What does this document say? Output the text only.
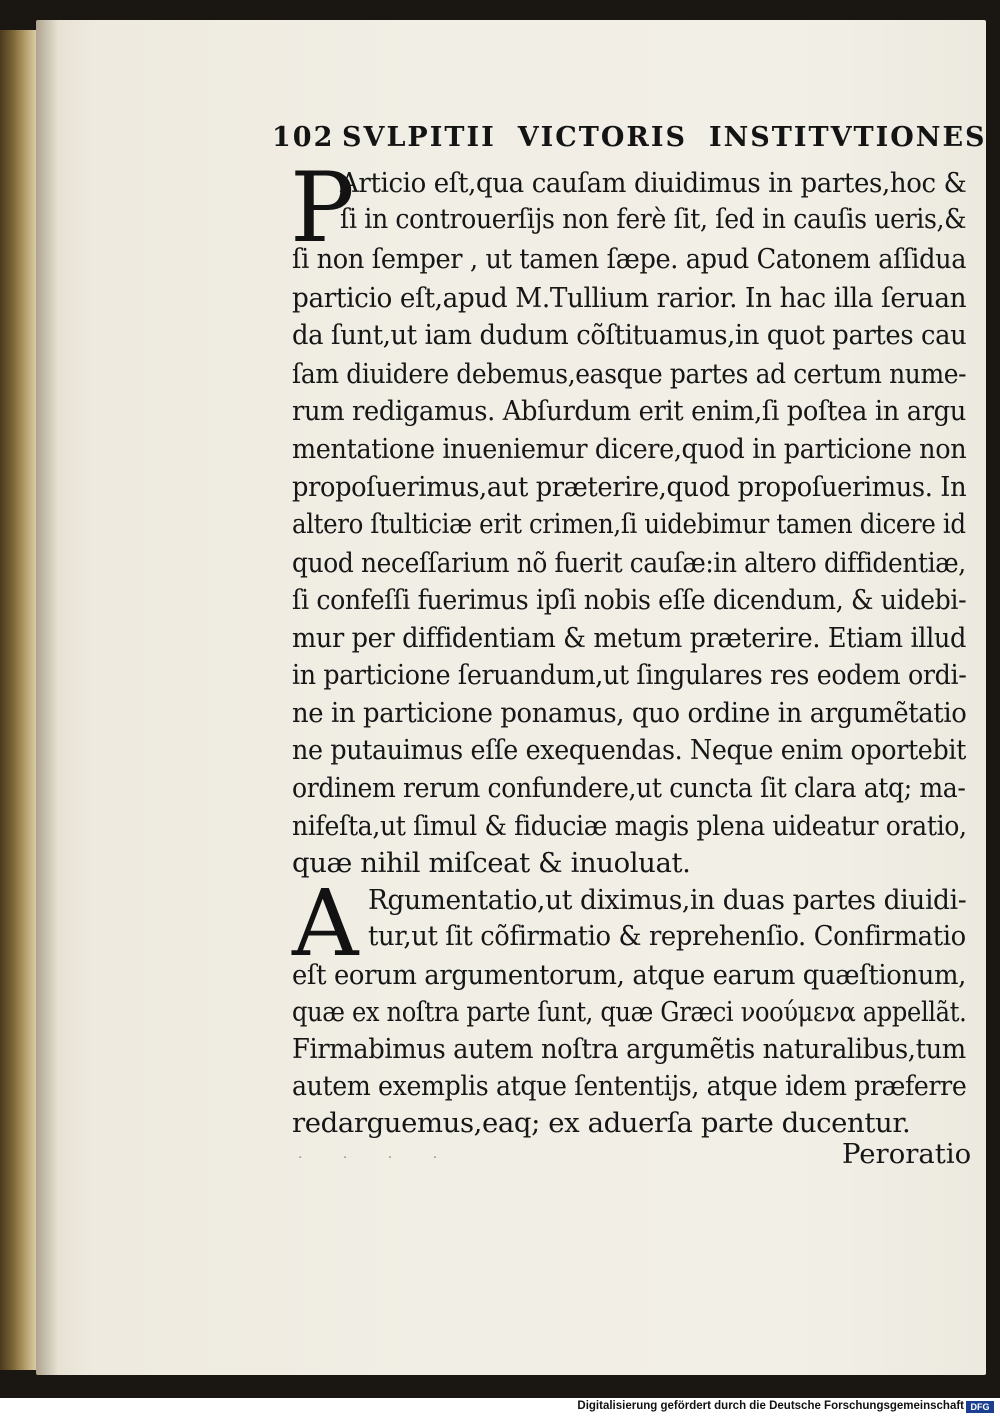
102 SVLPITII VICTORIS INSTITVTIONES
P
Articio eſt,qua cauſam diuidimus in partes,hoc &
ſi in controuerſijs non ferè ſit, ſed in cauſis ueris,&
ſi non ſemper , ut tamen ſæpe. apud Catonem aſſidua
particio eſt,apud M.Tullium rarior. In hac illa ſeruan
da ſunt,ut iam dudum cõſtituamus,in quot partes cau
ſam diuidere debemus,easque partes ad certum nume-
rum redigamus. Abſurdum erit enim,ſi poſtea in argu
mentatione inueniemur dicere,quod in particione non
propoſuerimus,aut præterire,quod propoſuerimus. In
altero ſtulticiæ erit crimen,ſi uidebimur tamen dicere id
quod neceſſarium nõ fuerit cauſæ:in altero diffidentiæ,
ſi confeſſi fuerimus ipſi nobis eſſe dicendum, & uidebi-
mur per diffidentiam & metum præterire. Etiam illud
in particione ſeruandum,ut ſingulares res eodem ordi-
ne in particione ponamus, quo ordine in argumẽtatio
ne putauimus eſſe exequendas. Neque enim oportebit
ordinem rerum confundere,ut cuncta ſit clara atq; ma-
nifeſta,ut ſimul & fiduciæ magis plena uideatur oratio,
quæ nihil miſceat & inuoluat.
A Rgumentatio,ut diximus,in duas partes diuidi-
tur,ut ſit cõfirmatio & reprehenſio. Confirmatio
eſt eorum argumentorum, atque earum quæſtionum,
quæ ex noſtra parte ſunt, quæ Græci νοούμενα appellãt.
Firmabimus autem noſtra argumẽtis naturalibus,tum
autem exemplis atque ſententijs, atque idem præferre
redarguemus,eaq; ex aduerſa parte ducentur.
Peroratio
· · · ·
Digitalisierung gefördert durch die Deutsche Forschungsgemeinschaft DFG
